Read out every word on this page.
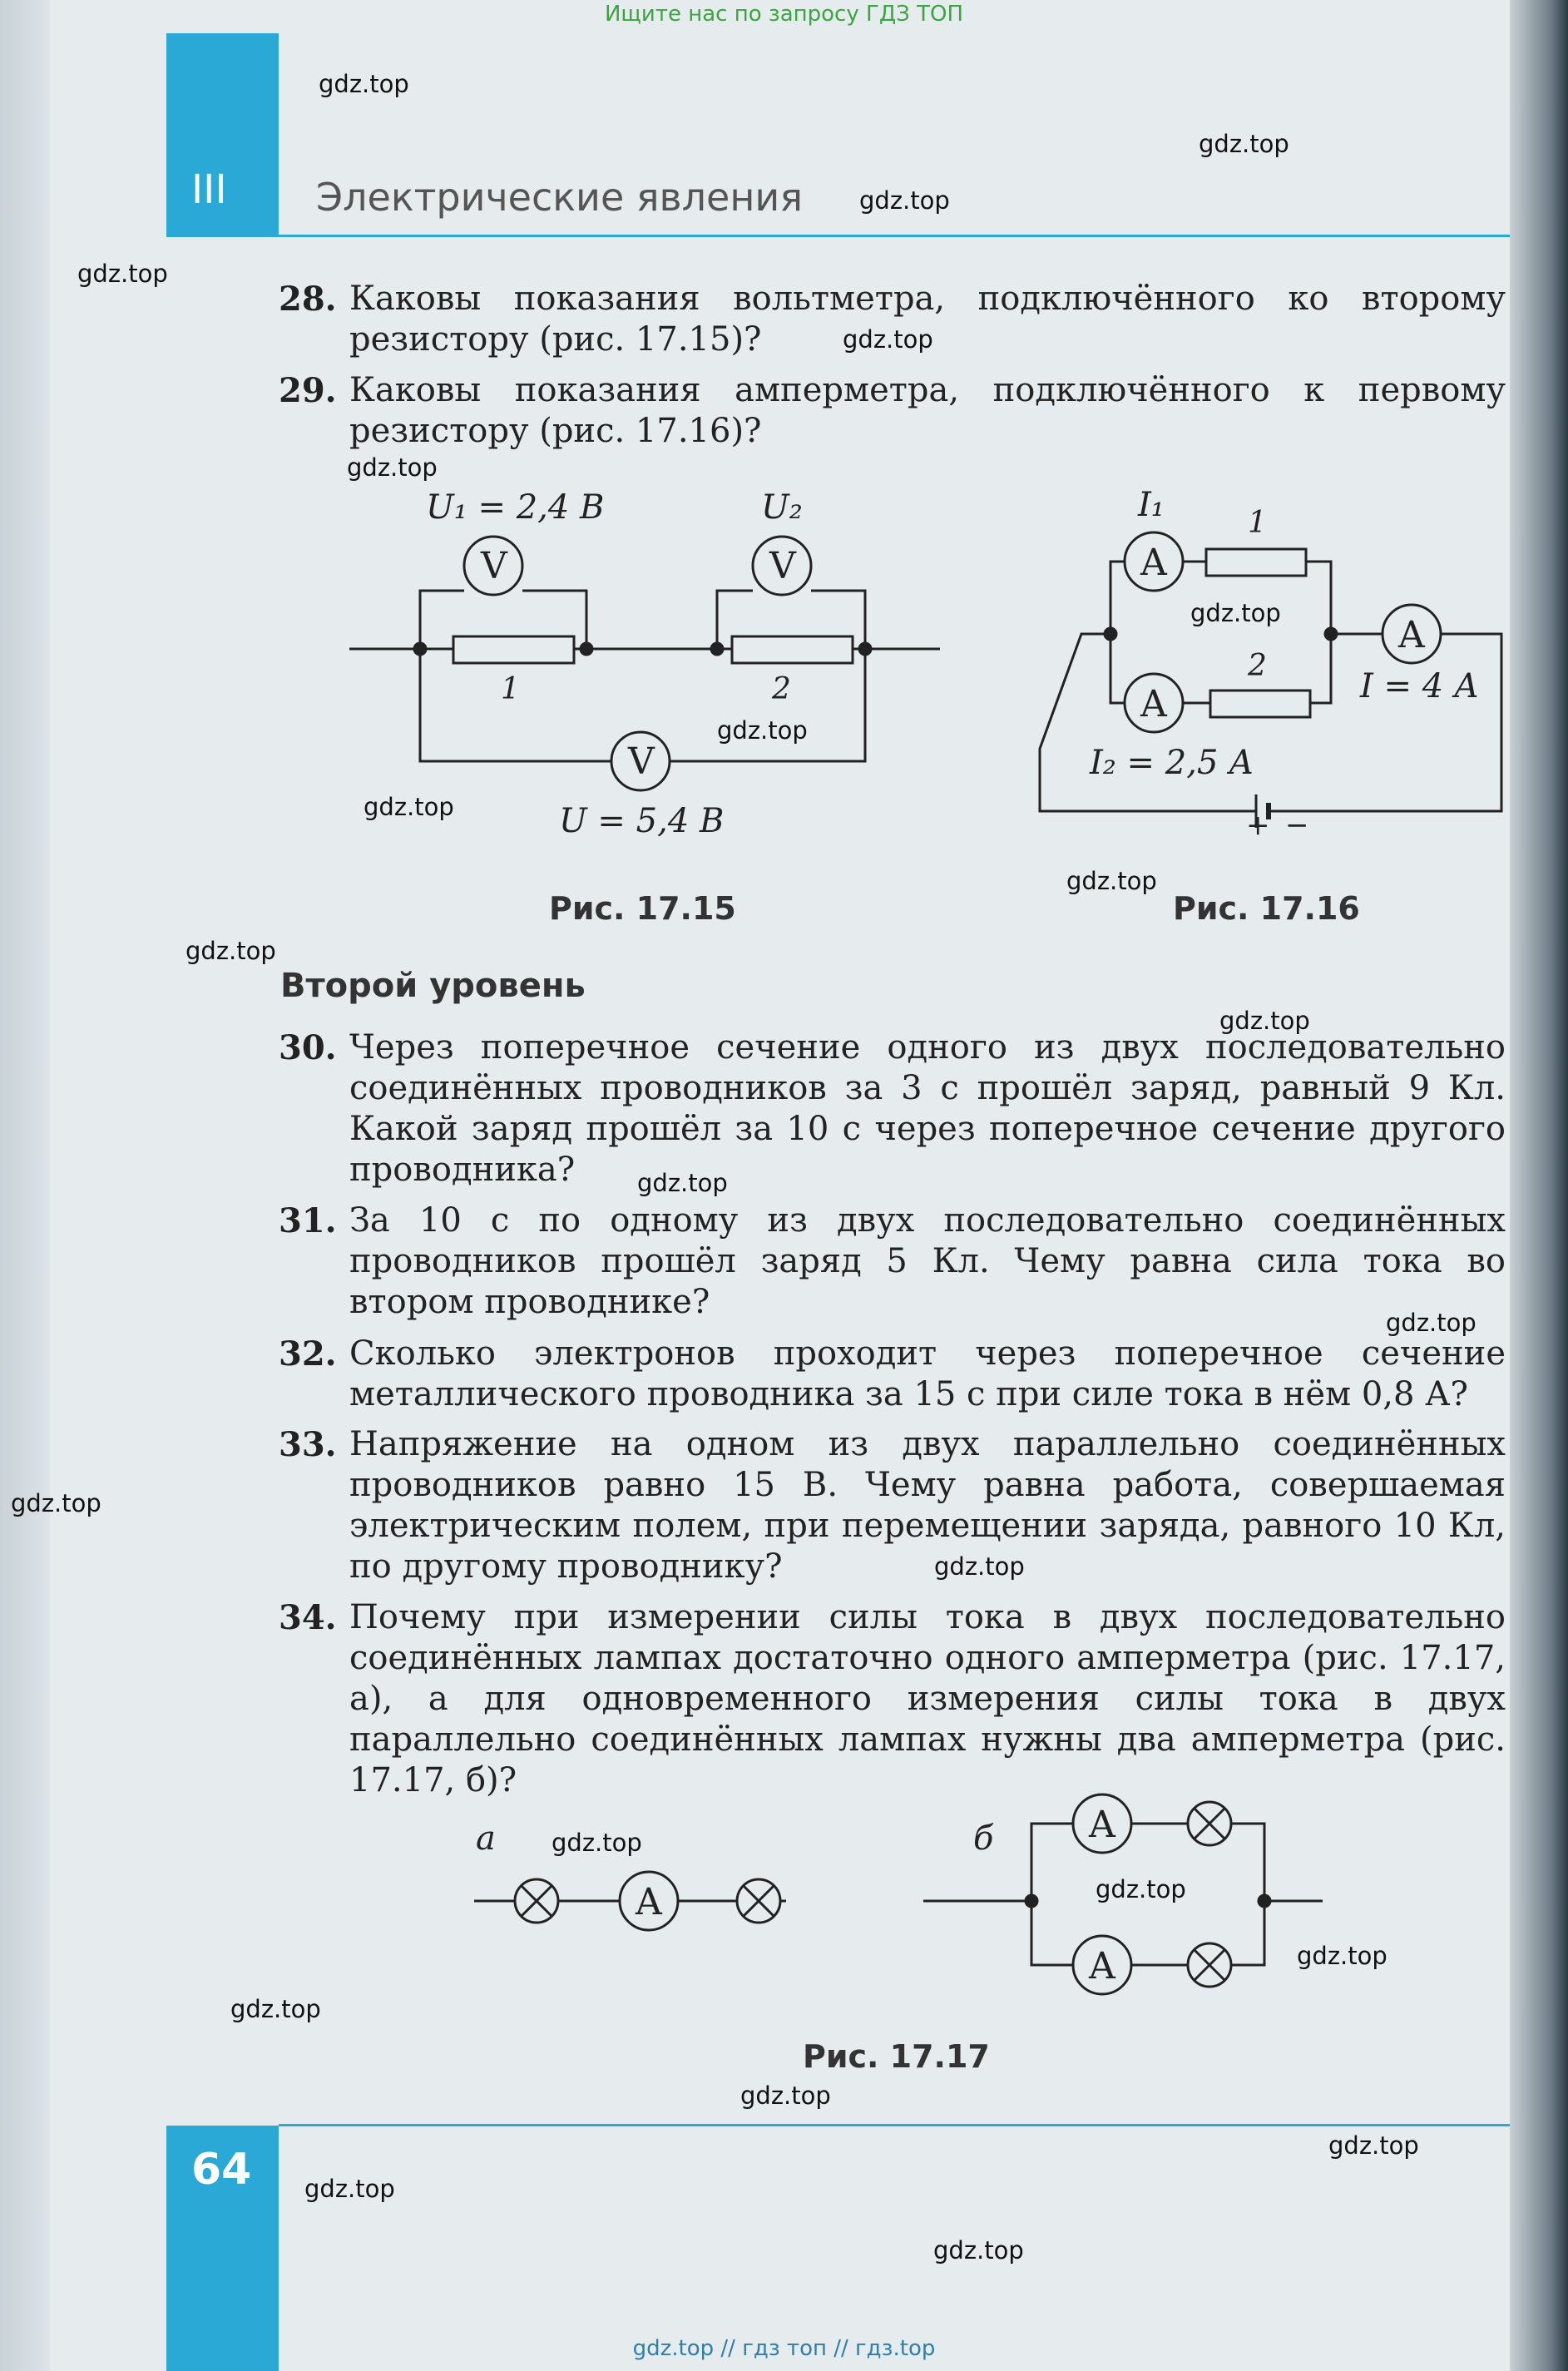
Ищите нас по запросу ГДЗ ТОП
III Электрические явления
28. Каковы показания вольтметра, подключённого ко второму резистору (рис. 17.15)?
29. Каковы показания амперметра, подключённого к первому резистору (рис. 17.16)?
V	V
V
U₁ = 2,4 В	U₂
U = 5,4 В
1	2
Рис. 17.15
A
A
A
I₁
I₂ = 2,5 А
I = 4 А
1
2
+ −
Рис. 17.16
Второй уровень
30. Через поперечное сечение одного из двух последовательно соединённых проводников за 3 с прошёл заряд, равный 9 Кл. Какой заряд прошёл за 10 с через поперечное сечение другого проводника?
31. За 10 с по одному из двух последовательно соединённых проводников прошёл заряд 5 Кл. Чему равна сила тока во втором проводнике?
32. Сколько электронов проходит через поперечное сечение металлического проводника за 15 с при силе тока в нём 0,8 А?
33. Напряжение на одном из двух параллельно соединённых проводников равно 15 В. Чему равна работа, совершаемая электрическим полем, при перемещении заряда, равного 10 Кл, по другому проводнику?
34. Почему при измерении силы тока в двух последовательно соединённых лампах достаточно одного амперметра (рис. 17.17, а), а для одновременного измерения силы тока в двух параллельно соединённых лампах нужны два амперметра (рис. 17.17, б)?
A
A
A
а	б
Рис. 17.17
64
gdz.top
gdz.top
gdz.top
gdz.top
gdz.top
gdz.top
gdz.top
gdz.top
gdz.top
gdz.top
gdz.top
gdz.top
gdz.top
gdz.top
gdz.top
gdz.top
gdz.top
gdz.top
gdz.top
gdz.top
gdz.top
gdz.top
gdz.top
gdz.top
gdz.top // гдз топ // гдз.top
